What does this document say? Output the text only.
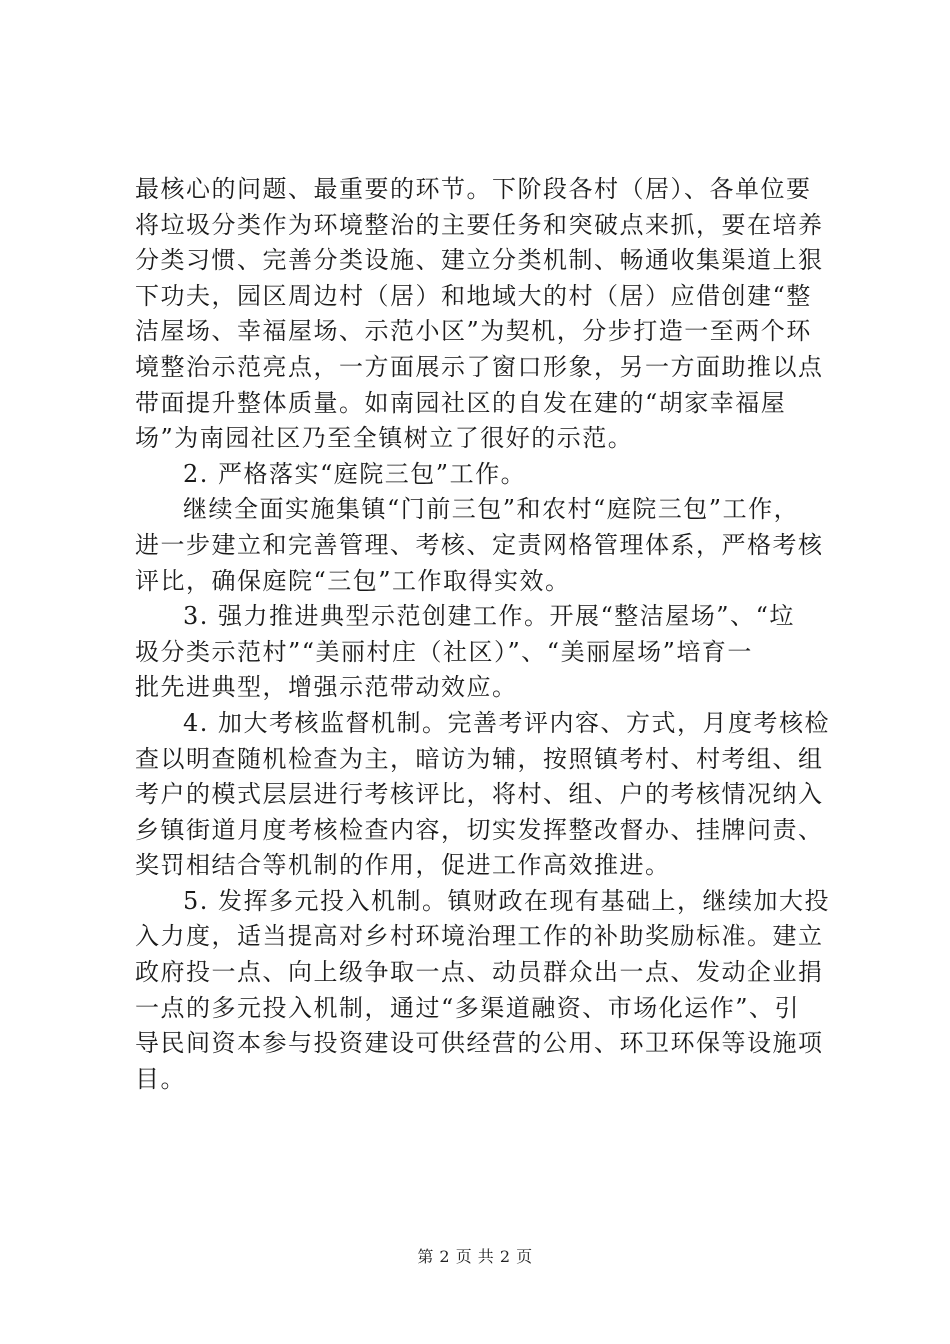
最核心的问题、最重要的环节。下阶段各村（居）、各单位要
将垃圾分类作为环境整治的主要任务和突破点来抓，要在培养
分类习惯、完善分类设施、建立分类机制、畅通收集渠道上狠
下功夫，园区周边村（居）和地域大的村（居）应借创建“整
洁屋场、幸福屋场、示范小区”为契机，分步打造一至两个环
境整治示范亮点，一方面展示了窗口形象，另一方面助推以点
带面提升整体质量。如南园社区的自发在建的“胡家幸福屋
场”为南园社区乃至全镇树立了很好的示范。
2. 严格落实“庭院三包”工作。
继续全面实施集镇“门前三包”和农村“庭院三包”工作，
进一步建立和完善管理、考核、定责网格管理体系，严格考核
评比，确保庭院“三包”工作取得实效。
3. 强力推进典型示范创建工作。开展“整洁屋场”、“垃
圾分类示范村”“美丽村庄（社区）”、“美丽屋场”培育一
批先进典型，增强示范带动效应。
4. 加大考核监督机制。完善考评内容、方式，月度考核检
查以明查随机检查为主，暗访为辅，按照镇考村、村考组、组
考户的模式层层进行考核评比，将村、组、户的考核情况纳入
乡镇街道月度考核检查内容，切实发挥整改督办、挂牌问责、
奖罚相结合等机制的作用，促进工作高效推进。
5. 发挥多元投入机制。镇财政在现有基础上，继续加大投
入力度，适当提高对乡村环境治理工作的补助奖励标准。建立
政府投一点、向上级争取一点、动员群众出一点、发动企业捐
一点的多元投入机制，通过“多渠道融资、市场化运作”、引
导民间资本参与投资建设可供经营的公用、环卫环保等设施项
目。
第 2 页 共 2 页
